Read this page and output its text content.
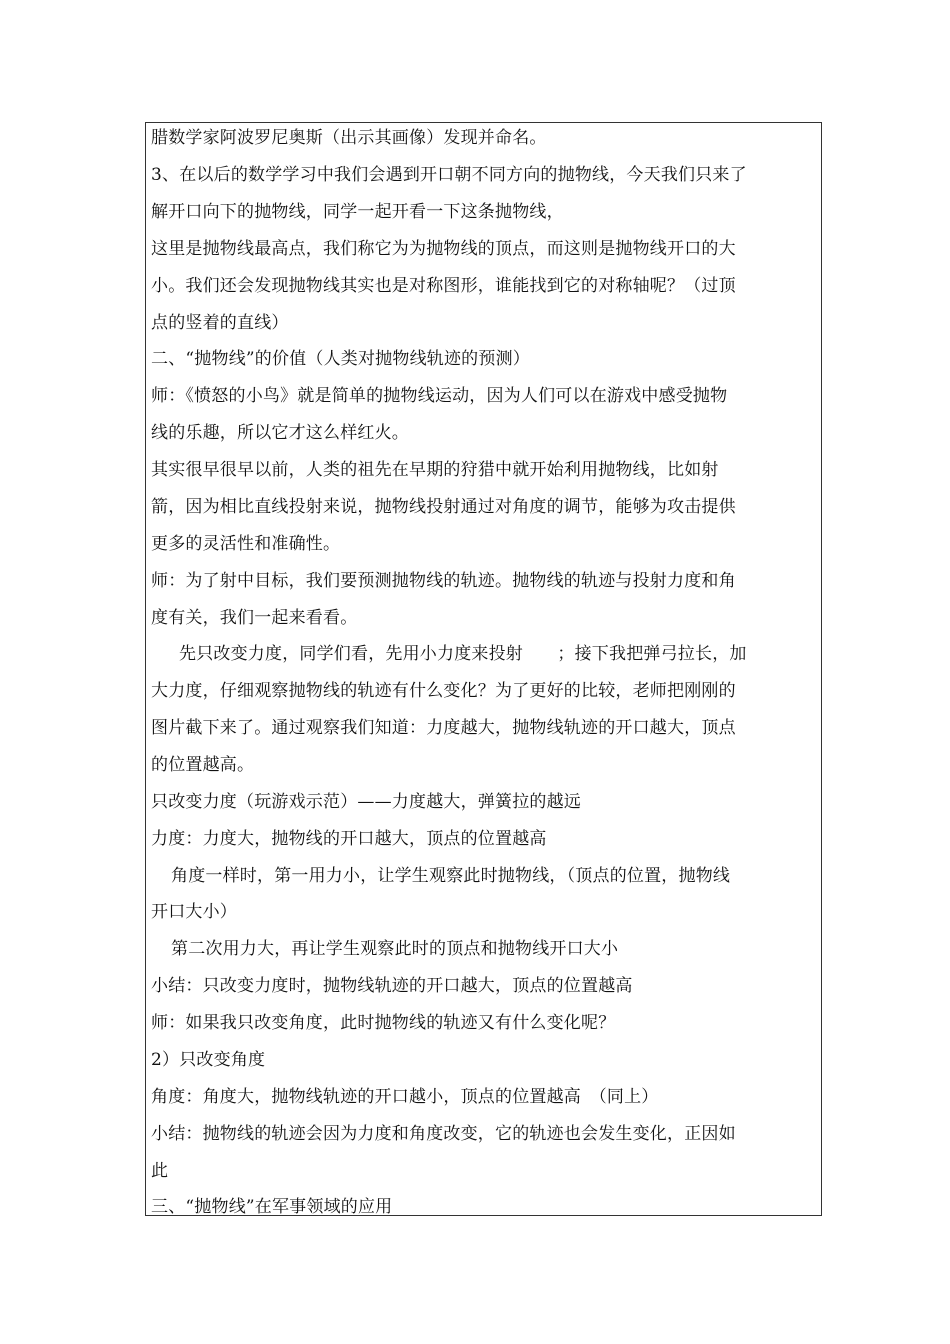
腊数学家阿波罗尼奥斯（出示其画像）发现并命名。
3、在以后的数学学习中我们会遇到开口朝不同方向的抛物线，今天我们只来了
解开口向下的抛物线，同学一起开看一下这条抛物线，
这里是抛物线最高点，我们称它为为抛物线的顶点，而这则是抛物线开口的大
小。我们还会发现抛物线其实也是对称图形，谁能找到它的对称轴呢？（过顶
点的竖着的直线）
二、“抛物线”的价值（人类对抛物线轨迹的预测）
师：《愤怒的小鸟》就是简单的抛物线运动，因为人们可以在游戏中感受抛物
线的乐趣，所以它才这么样红火。
其实很早很早以前，人类的祖先在早期的狩猎中就开始利用抛物线，比如射
箭，因为相比直线投射来说，抛物线投射通过对角度的调节，能够为攻击提供
更多的灵活性和准确性。
师：为了射中目标，我们要预测抛物线的轨迹。抛物线的轨迹与投射力度和角
度有关，我们一起来看看。
先只改变力度，同学们看，先用小力度来投射　　；接下我把弹弓拉长，加
大力度，仔细观察抛物线的轨迹有什么变化？为了更好的比较，老师把刚刚的
图片截下来了。通过观察我们知道：力度越大，抛物线轨迹的开口越大，顶点
的位置越高。
只改变力度（玩游戏示范）——力度越大，弹簧拉的越远
力度：力度大，抛物线的开口越大，顶点的位置越高
角度一样时，第一用力小，让学生观察此时抛物线，（顶点的位置，抛物线
开口大小）
第二次用力大，再让学生观察此时的顶点和抛物线开口大小
小结：只改变力度时，抛物线轨迹的开口越大，顶点的位置越高
师：如果我只改变角度，此时抛物线的轨迹又有什么变化呢？
2）只改变角度
角度：角度大，抛物线轨迹的开口越小，顶点的位置越高　（同上）
小结：抛物线的轨迹会因为力度和角度改变，它的轨迹也会发生变化，正因如
此
三、“抛物线”在军事领域的应用
